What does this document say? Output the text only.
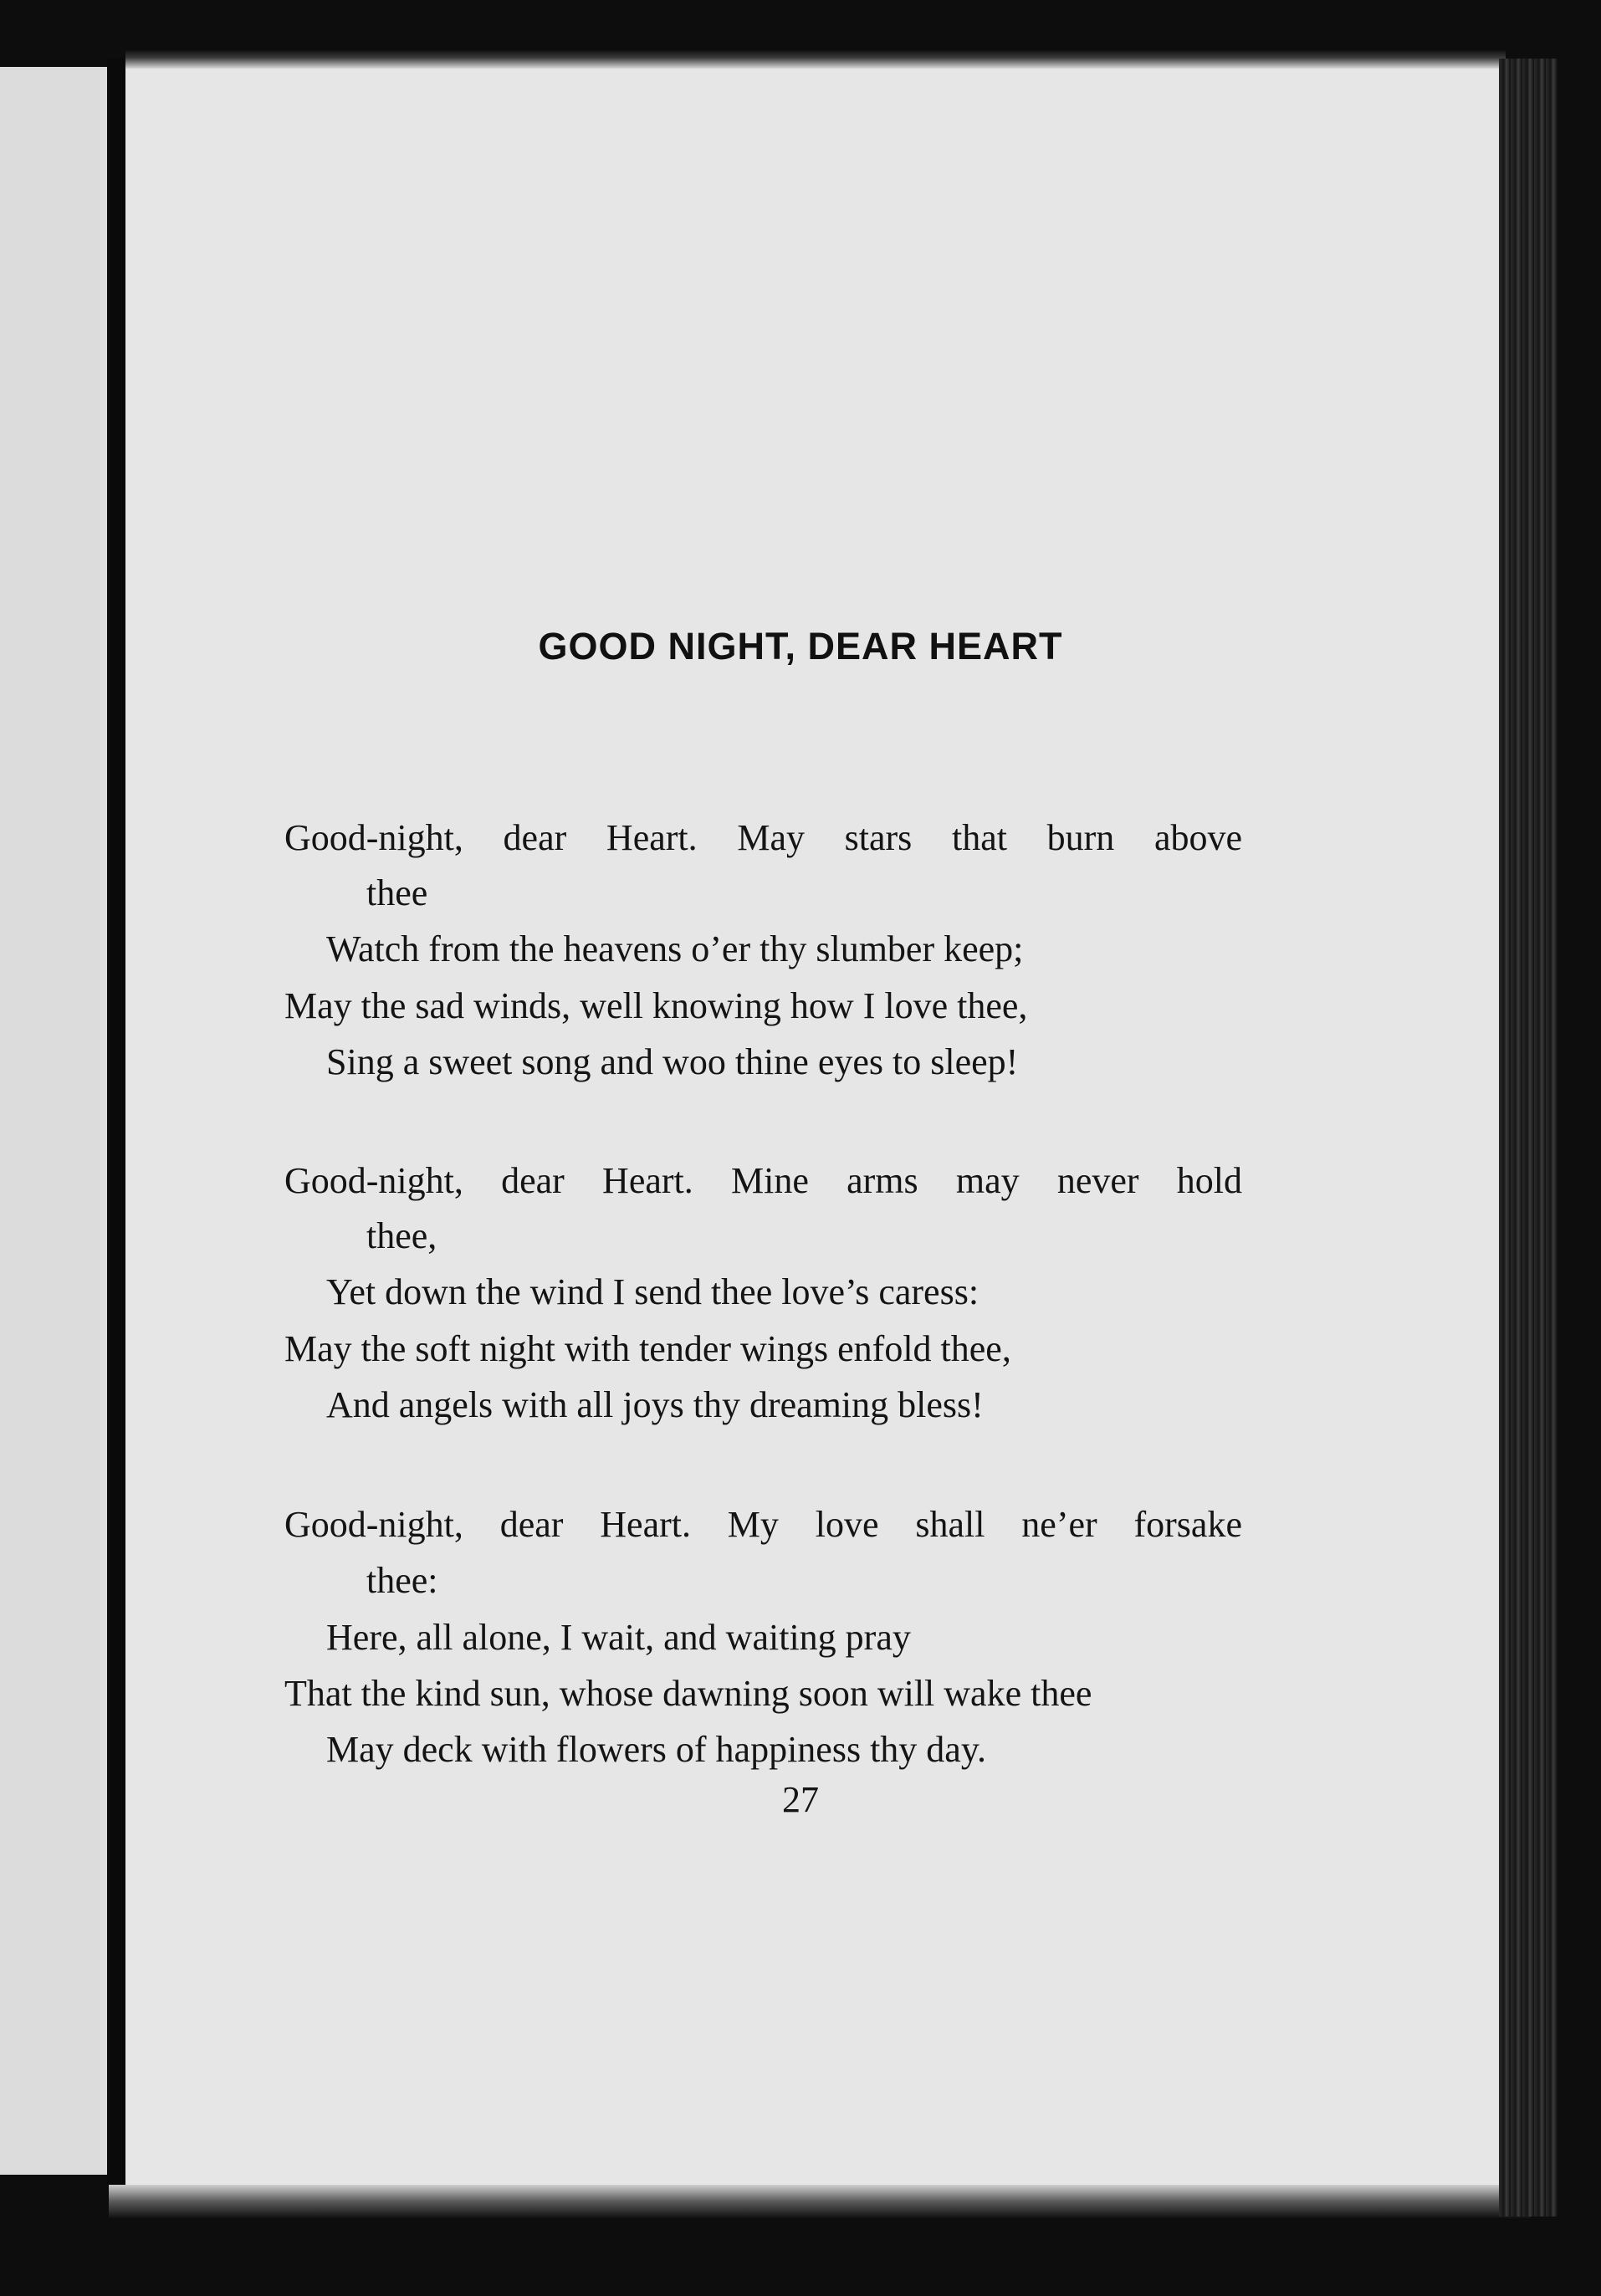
GOOD NIGHT, DEAR HEART
Good-night, dear Heart. May stars that burn above
thee
Watch from the heavens o’er thy slumber keep;
May the sad winds, well knowing how I love thee,
Sing a sweet song and woo thine eyes to sleep!
Good-night, dear Heart. Mine arms may never hold
thee,
Yet down the wind I send thee love’s caress:
May the soft night with tender wings enfold thee,
And angels with all joys thy dreaming bless!
Good-night, dear Heart. My love shall ne’er forsake
thee:
Here, all alone, I wait, and waiting pray
That the kind sun, whose dawning soon will wake thee
May deck with flowers of happiness thy day.
27
